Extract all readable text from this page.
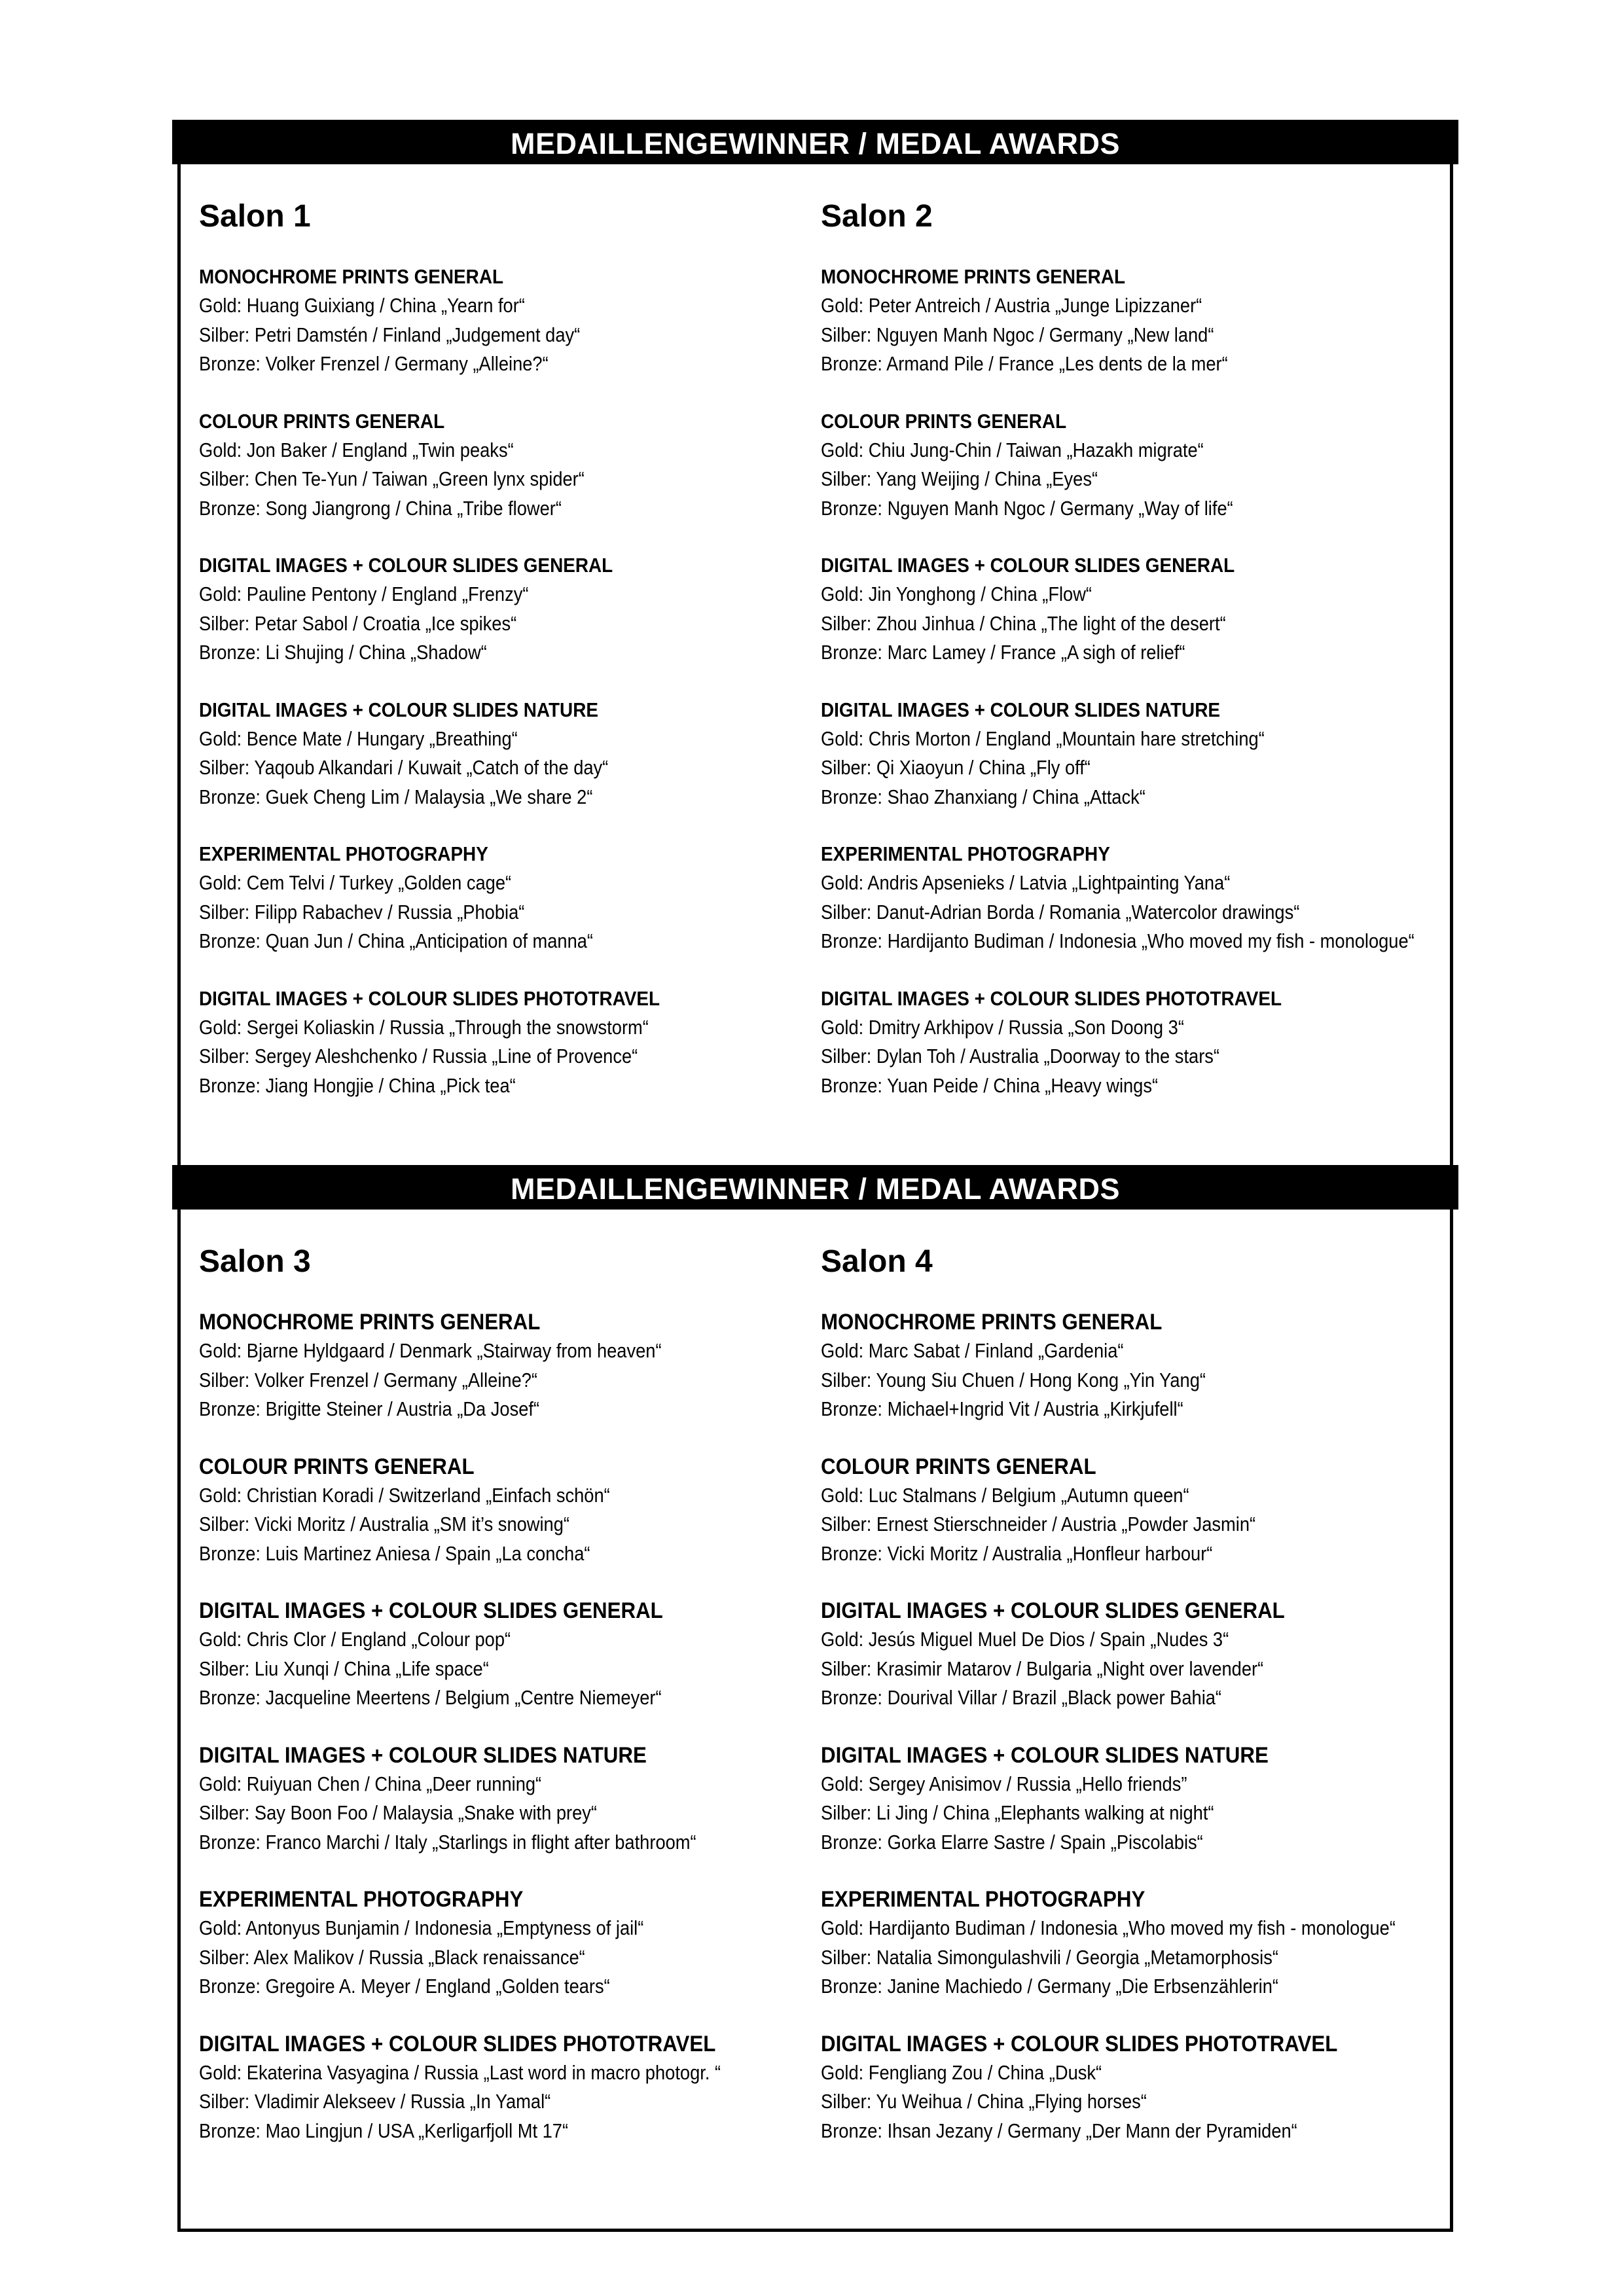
MEDAILLENGEWINNER / MEDAL AWARDS
Salon 1
MONOCHROME PRINTS GENERAL
Gold: Huang Guixiang / China „Yearn for“
Silber: Petri Damstén / Finland „Judgement day“
Bronze: Volker Frenzel / Germany „Alleine?“
COLOUR PRINTS GENERAL
Gold: Jon Baker / England „Twin peaks“
Silber: Chen Te-Yun / Taiwan „Green lynx spider“
Bronze: Song Jiangrong / China „Tribe flower“
DIGITAL IMAGES + COLOUR SLIDES GENERAL
Gold: Pauline Pentony / England „Frenzy“
Silber: Petar Sabol / Croatia „Ice spikes“
Bronze: Li Shujing / China „Shadow“
DIGITAL IMAGES + COLOUR SLIDES NATURE
Gold: Bence Mate / Hungary „Breathing“
Silber: Yaqoub Alkandari / Kuwait „Catch of the day“
Bronze: Guek Cheng Lim / Malaysia „We share 2“
EXPERIMENTAL PHOTOGRAPHY
Gold: Cem Telvi / Turkey „Golden cage“
Silber: Filipp Rabachev / Russia „Phobia“
Bronze: Quan Jun / China „Anticipation of manna“
DIGITAL IMAGES + COLOUR SLIDES PHOTOTRAVEL
Gold: Sergei Koliaskin / Russia „Through the snowstorm“
Silber: Sergey Aleshchenko / Russia „Line of Provence“
Bronze: Jiang Hongjie / China „Pick tea“
Salon 2
MONOCHROME PRINTS GENERAL
Gold: Peter Antreich / Austria „Junge Lipizzaner“
Silber: Nguyen Manh Ngoc / Germany „New land“
Bronze: Armand Pile / France „Les dents de la mer“
COLOUR PRINTS GENERAL
Gold: Chiu Jung-Chin / Taiwan „Hazakh migrate“
Silber: Yang Weijing / China „Eyes“
Bronze: Nguyen Manh Ngoc / Germany „Way of life“
DIGITAL IMAGES + COLOUR SLIDES GENERAL
Gold: Jin Yonghong / China „Flow“
Silber: Zhou Jinhua / China „The light of the desert“
Bronze: Marc Lamey / France „A sigh of relief“
DIGITAL IMAGES + COLOUR SLIDES NATURE
Gold: Chris Morton / England „Mountain hare stretching“
Silber: Qi Xiaoyun / China „Fly off“
Bronze: Shao Zhanxiang / China „Attack“
EXPERIMENTAL PHOTOGRAPHY
Gold: Andris Apsenieks / Latvia „Lightpainting Yana“
Silber: Danut-Adrian Borda / Romania „Watercolor drawings“
Bronze: Hardijanto Budiman / Indonesia „Who moved my fish - monologue“
DIGITAL IMAGES + COLOUR SLIDES PHOTOTRAVEL
Gold: Dmitry Arkhipov / Russia „Son Doong 3“
Silber: Dylan Toh / Australia „Doorway to the stars“
Bronze: Yuan Peide / China „Heavy wings“
MEDAILLENGEWINNER / MEDAL AWARDS
Salon 3
MONOCHROME PRINTS GENERAL
Gold: Bjarne Hyldgaard / Denmark „Stairway from heaven“
Silber: Volker Frenzel / Germany „Alleine?“
Bronze: Brigitte Steiner / Austria „Da Josef“
COLOUR PRINTS GENERAL
Gold: Christian Koradi / Switzerland „Einfach schön“
Silber: Vicki Moritz / Australia „SM it’s snowing“
Bronze: Luis Martinez Aniesa / Spain „La concha“
DIGITAL IMAGES + COLOUR SLIDES GENERAL
Gold: Chris Clor / England „Colour pop“
Silber: Liu Xunqi / China „Life space“
Bronze: Jacqueline Meertens / Belgium „Centre Niemeyer“
DIGITAL IMAGES + COLOUR SLIDES NATURE
Gold: Ruiyuan Chen / China „Deer running“
Silber: Say Boon Foo / Malaysia „Snake with prey“
Bronze: Franco Marchi / Italy „Starlings in flight after bathroom“
EXPERIMENTAL PHOTOGRAPHY
Gold: Antonyus Bunjamin / Indonesia „Emptyness of jail“
Silber: Alex Malikov / Russia „Black renaissance“
Bronze: Gregoire A. Meyer / England „Golden tears“
DIGITAL IMAGES + COLOUR SLIDES PHOTOTRAVEL
Gold: Ekaterina Vasyagina / Russia „Last word in macro photogr. “
Silber: Vladimir Alekseev / Russia „In Yamal“
Bronze: Mao Lingjun / USA „Kerligarfjoll Mt 17“
Salon 4
MONOCHROME PRINTS GENERAL
Gold: Marc Sabat / Finland „Gardenia“
Silber: Young Siu Chuen / Hong Kong „Yin Yang“
Bronze: Michael+Ingrid Vit / Austria „Kirkjufell“
COLOUR PRINTS GENERAL
Gold: Luc Stalmans / Belgium „Autumn queen“
Silber: Ernest Stierschneider / Austria „Powder Jasmin“
Bronze: Vicki Moritz / Australia „Honfleur harbour“
DIGITAL IMAGES + COLOUR SLIDES GENERAL
Gold: Jesús Miguel Muel De Dios / Spain „Nudes 3“
Silber: Krasimir Matarov / Bulgaria „Night over lavender“
Bronze: Dourival Villar / Brazil „Black power Bahia“
DIGITAL IMAGES + COLOUR SLIDES NATURE
Gold: Sergey Anisimov / Russia „Hello friends”
Silber: Li Jing / China „Elephants walking at night“
Bronze: Gorka Elarre Sastre / Spain „Piscolabis“
EXPERIMENTAL PHOTOGRAPHY
Gold: Hardijanto Budiman / Indonesia „Who moved my fish - monologue“
Silber: Natalia Simongulashvili / Georgia „Metamorphosis“
Bronze: Janine Machiedo / Germany „Die Erbsenzählerin“
DIGITAL IMAGES + COLOUR SLIDES PHOTOTRAVEL
Gold: Fengliang Zou / China „Dusk“
Silber: Yu Weihua / China „Flying horses“
Bronze: Ihsan Jezany / Germany „Der Mann der Pyramiden“
